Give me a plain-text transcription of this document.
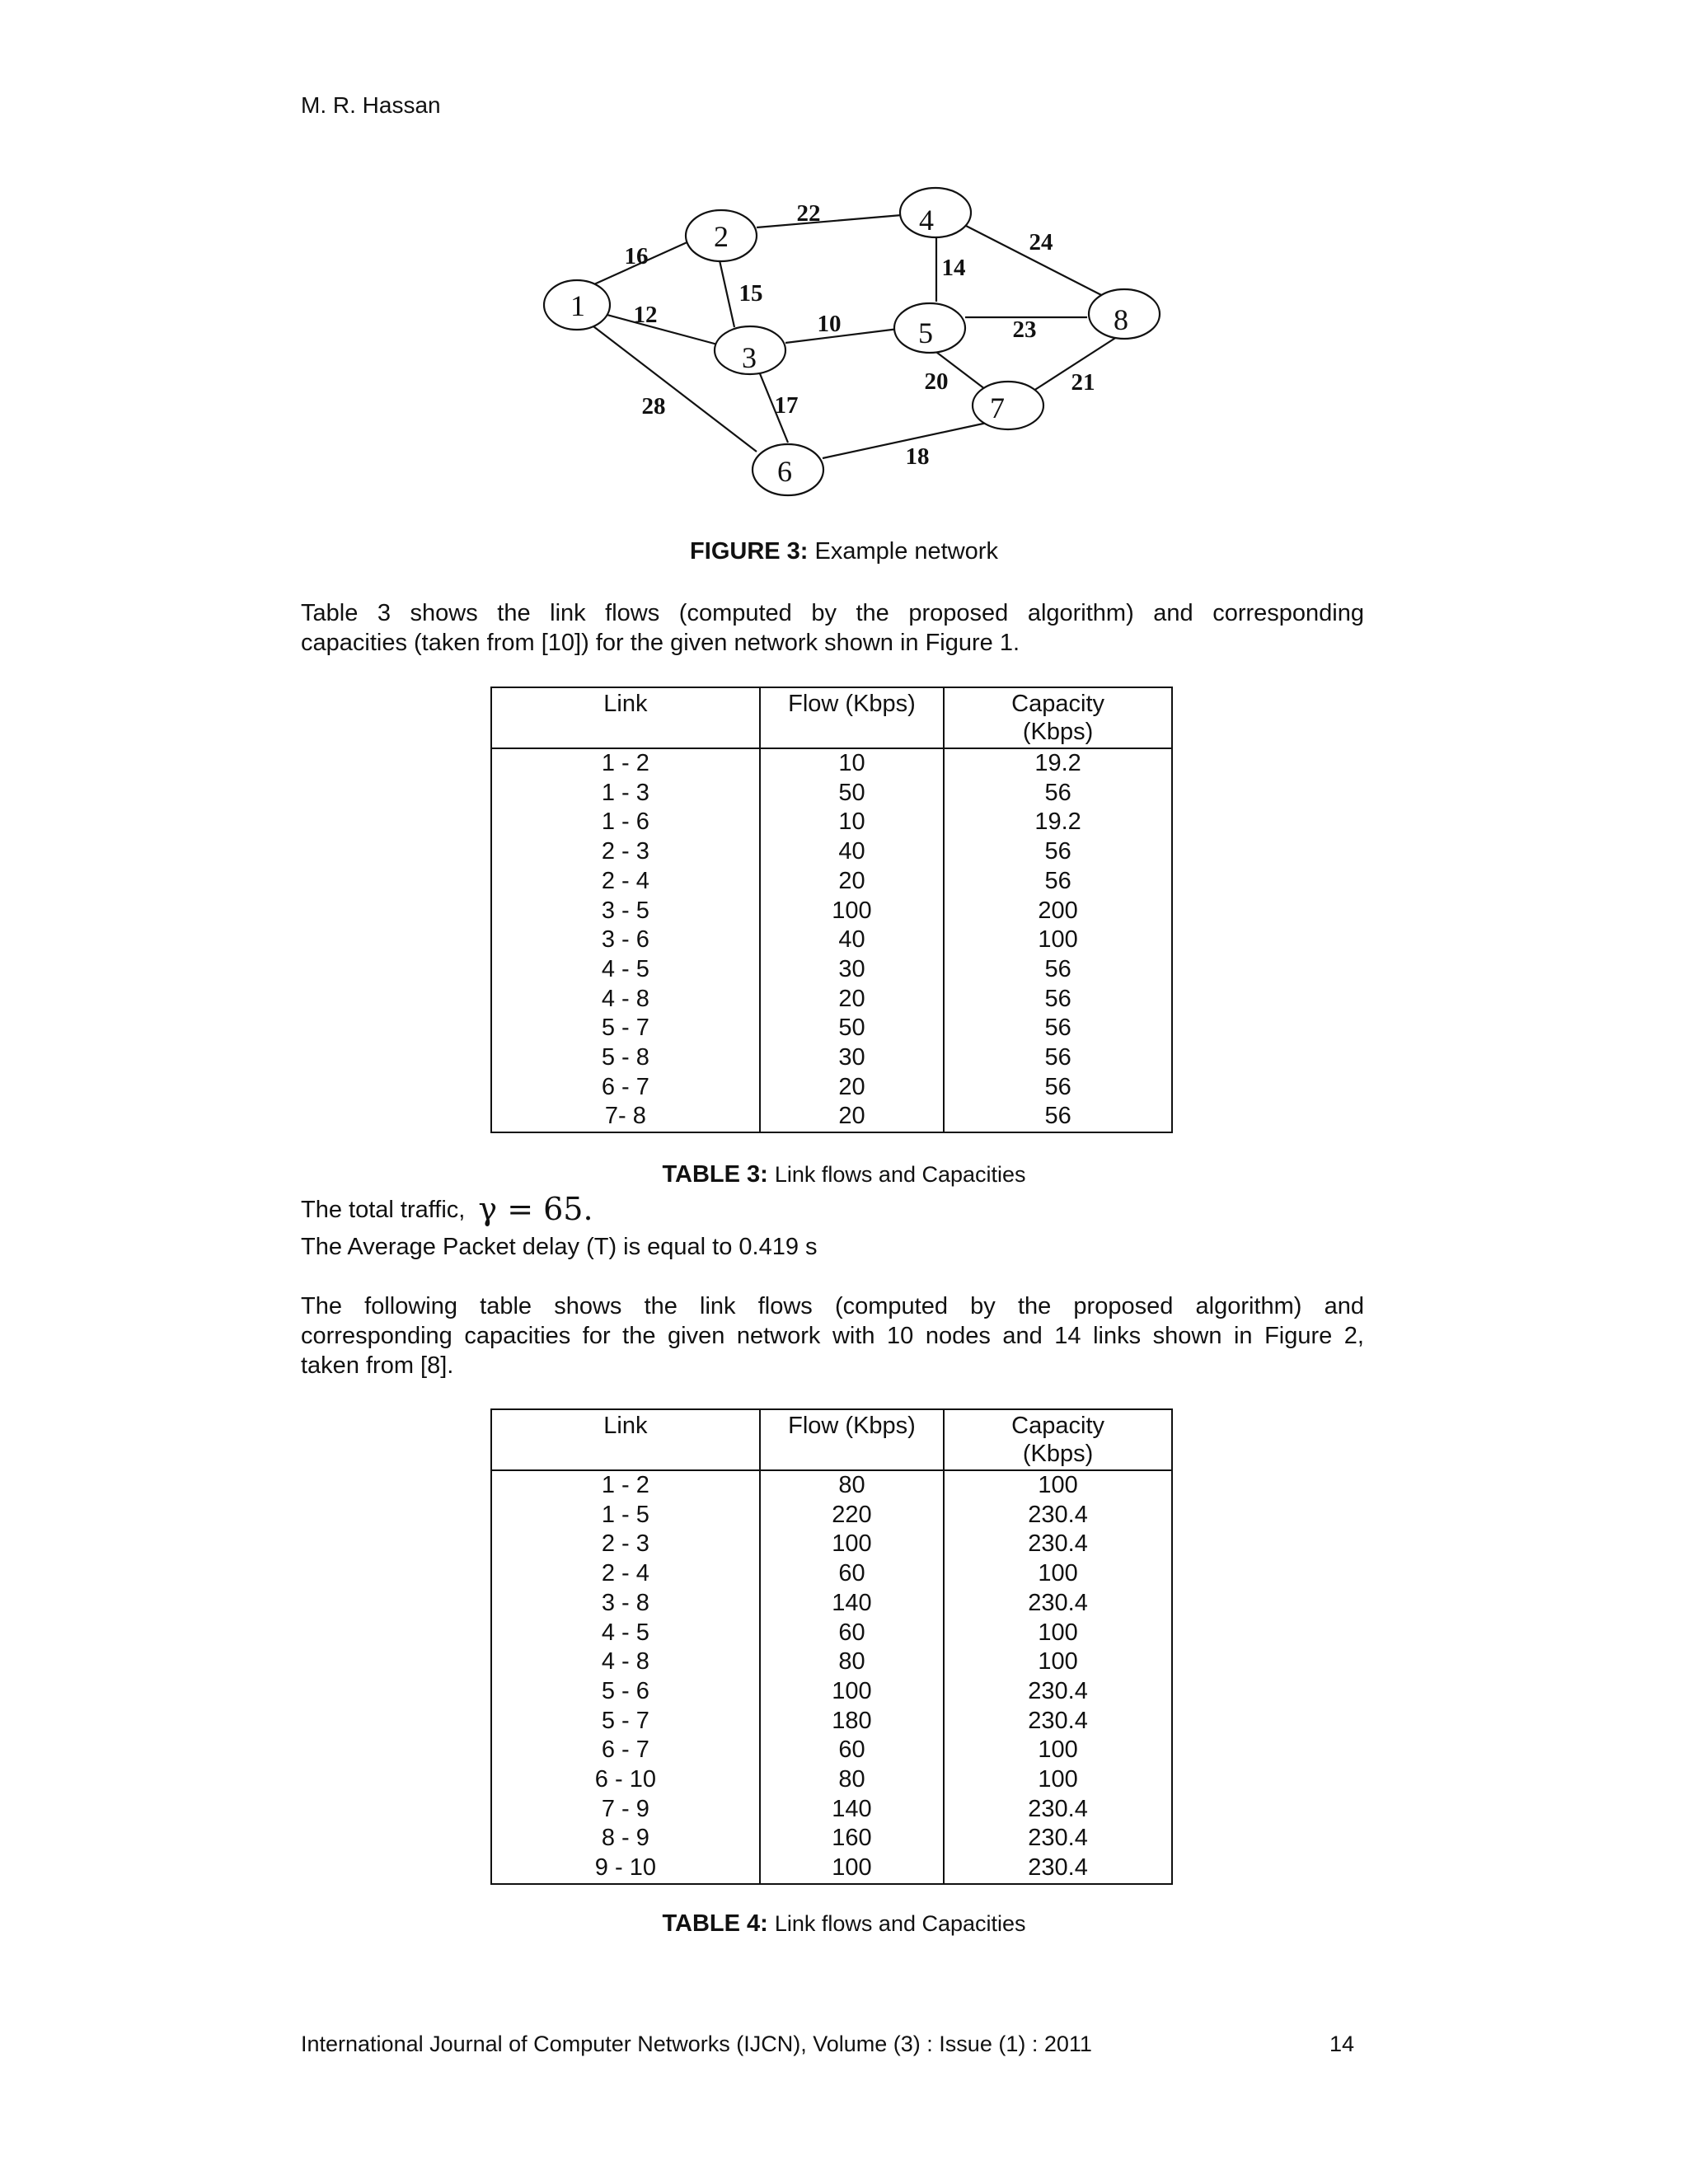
M. R. Hassan
1
2
3
4
5
6
7
8
16
12
28
15
22
10
17
14
24
20
23
18
21
FIGURE 3: Example network
Table 3 shows the link flows (computed by the proposed algorithm) and corresponding
capacities (taken from [10]) for the given network shown in Figure 1.
Link	Flow (Kbps)	Capacity (Kbps)
1 - 2	10	19.2
1 - 3	50	56
1 - 6	10	19.2
2 - 3	40	56
2 - 4	20	56
3 - 5	100	200
3 - 6	40	100
4 - 5	30	56
4 - 8	20	56
5 - 7	50	56
5 - 8	30	56
6 - 7	20	56
7- 8	20	56
TABLE 3: Link flows and Capacities
The total traffic, γ = 65.
The Average Packet delay (T) is equal to 0.419 s
The following table shows the link flows (computed by the proposed algorithm) and
corresponding capacities for the given network with 10 nodes and 14 links shown in Figure 2,
taken from [8].
Link	Flow (Kbps)	Capacity (Kbps)
1 - 2	80	100
1 - 5	220	230.4
2 - 3	100	230.4
2 - 4	60	100
3 - 8	140	230.4
4 - 5	60	100
4 - 8	80	100
5 - 6	100	230.4
5 - 7	180	230.4
6 - 7	60	100
6 - 10	80	100
7 - 9	140	230.4
8 - 9	160	230.4
9 - 10	100	230.4
TABLE 4: Link flows and Capacities
International Journal of Computer Networks (IJCN), Volume (3) : Issue (1) : 2011	14
